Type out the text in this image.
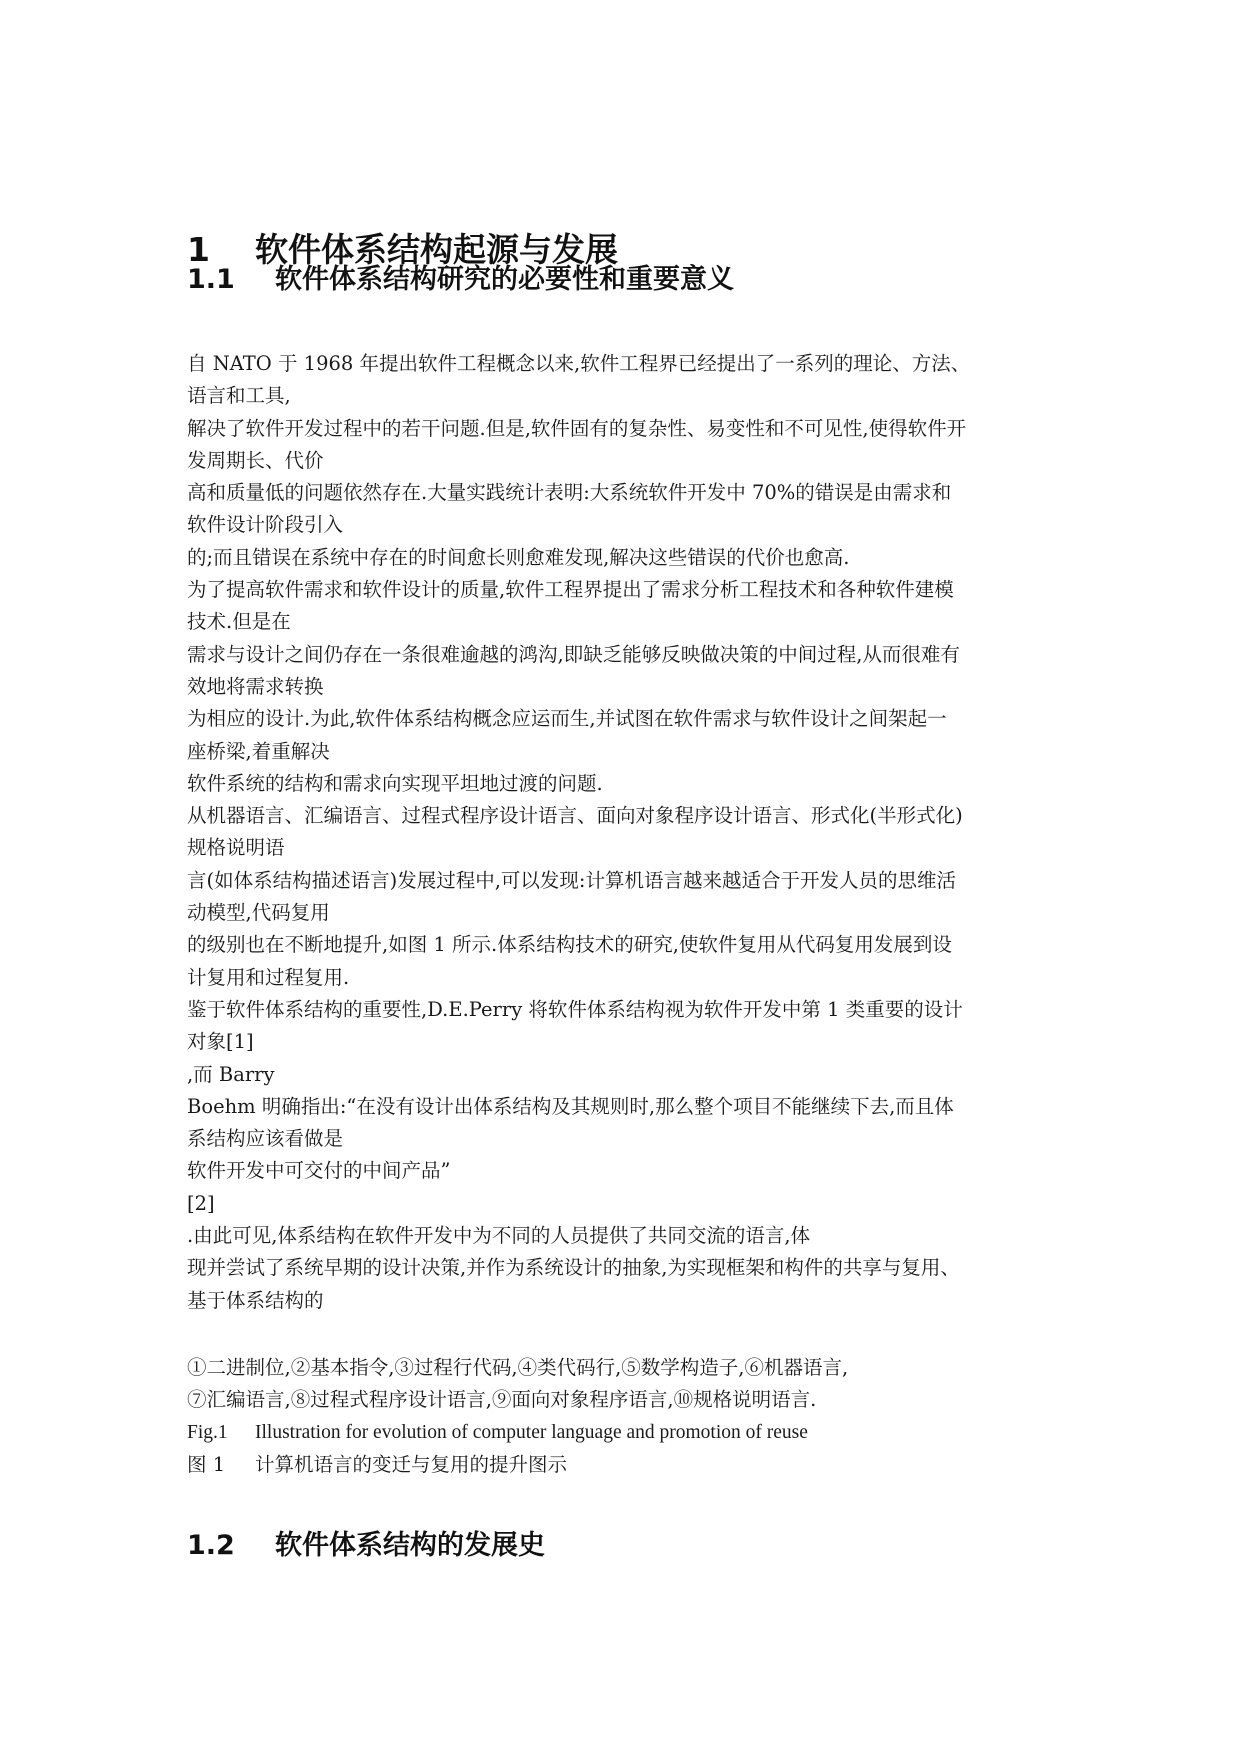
1 软件体系结构起源与发展
1.1 软件体系结构研究的必要性和重要意义

自 NATO 于 1968 年提出软件工程概念以来,软件工程界已经提出了一系列的理论、方法、

语言和工具,

解决了软件开发过程中的若干问题.但是,软件固有的复杂性、易变性和不可见性,使得软件开

发周期长、代价

高和质量低的问题依然存在.大量实践统计表明:大系统软件开发中 70%的错误是由需求和

软件设计阶段引入

的;而且错误在系统中存在的时间愈长则愈难发现,解决这些错误的代价也愈高.

为了提高软件需求和软件设计的质量,软件工程界提出了需求分析工程技术和各种软件建模

技术.但是在

需求与设计之间仍存在一条很难逾越的鸿沟,即缺乏能够反映做决策的中间过程,从而很难有

效地将需求转换

为相应的设计.为此,软件体系结构概念应运而生,并试图在软件需求与软件设计之间架起一

座桥梁,着重解决

软件系统的结构和需求向实现平坦地过渡的问题.

从机器语言、汇编语言、过程式程序设计语言、面向对象程序设计语言、形式化(半形式化)

规格说明语

言(如体系结构描述语言)发展过程中,可以发现:计算机语言越来越适合于开发人员的思维活

动模型,代码复用

的级别也在不断地提升,如图 1 所示.体系结构技术的研究,使软件复用从代码复用发展到设

计复用和过程复用.

鉴于软件体系结构的重要性,D.E.Perry 将软件体系结构视为软件开发中第 1 类重要的设计

对象[1]

,而 Barry

Boehm 明确指出:“在没有设计出体系结构及其规则时,那么整个项目不能继续下去,而且体

系结构应该看做是

软件开发中可交付的中间产品”

[2]

.由此可见,体系结构在软件开发中为不同的人员提供了共同交流的语言,体

现并尝试了系统早期的设计决策,并作为系统设计的抽象,为实现框架和构件的共享与复用、

基于体系结构的

①二进制位,②基本指令,③过程行代码,④类代码行,⑤数学构造子,⑥机器语言,

⑦汇编语言,⑧过程式程序设计语言,⑨面向对象程序语言,⑩规格说明语言.

Fig.1 Illustration for evolution of computer language and promotion of reuse

图 1 计算机语言的变迁与复用的提升图示

1.2 软件体系结构的发展史
